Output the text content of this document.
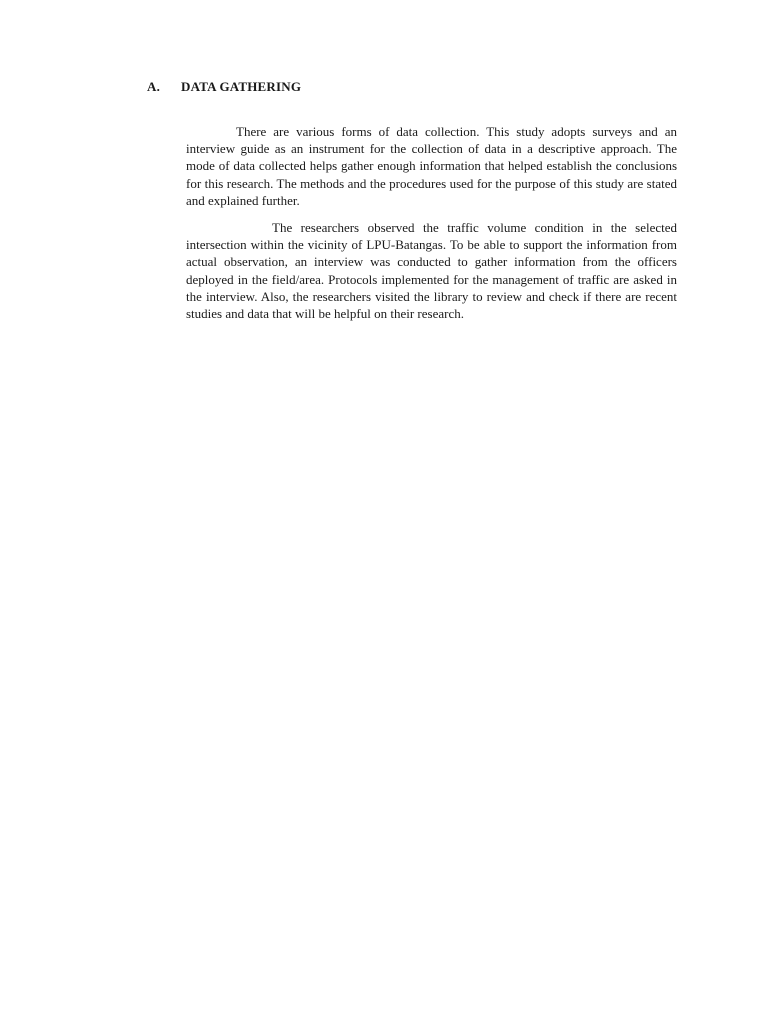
A. DATA GATHERING

There are various forms of data collection. This study adopts surveys and an interview guide as an instrument for the collection of data in a descriptive approach. The mode of data collected helps gather enough information that helped establish the conclusions for this research. The methods and the procedures used for the purpose of this study are stated and explained further.

The researchers observed the traffic volume condition in the selected intersection within the vicinity of LPU-Batangas. To be able to support the information from actual observation, an interview was conducted to gather information from the officers deployed in the field/area. Protocols implemented for the management of traffic are asked in the interview. Also, the researchers visited the library to review and check if there are recent studies and data that will be helpful on their research.
